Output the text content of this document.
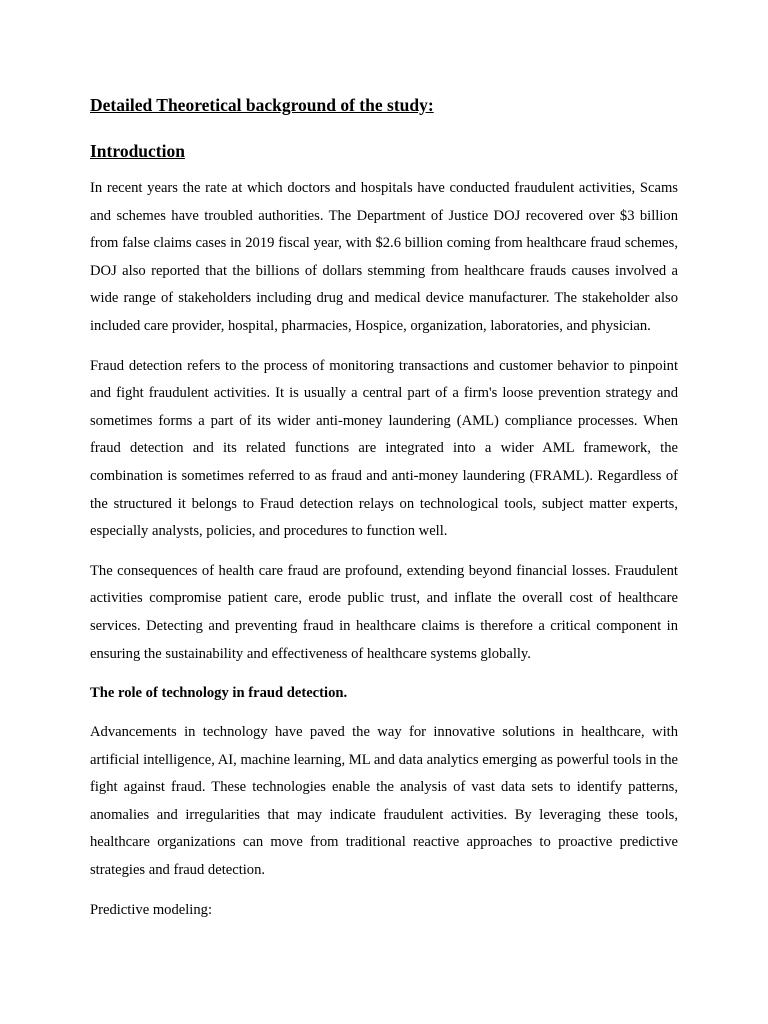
Detailed Theoretical background of the study:
Introduction

In recent years the rate at which doctors and hospitals have conducted fraudulent activities, Scams and schemes have troubled authorities. The Department of Justice DOJ recovered over $3 billion from false claims cases in 2019 fiscal year, with $2.6 billion coming from healthcare fraud schemes, DOJ also reported that the billions of dollars stemming from healthcare frauds causes involved a wide range of stakeholders including drug and medical device manufacturer. The stakeholder also included care provider, hospital, pharmacies, Hospice, organization, laboratories, and physician.

Fraud detection refers to the process of monitoring transactions and customer behavior to pinpoint and fight fraudulent activities. It is usually a central part of a firm's loose prevention strategy and sometimes forms a part of its wider anti-money laundering (AML) compliance processes. When fraud detection and its related functions are integrated into a wider AML framework, the combination is sometimes referred to as fraud and anti-money laundering (FRAML). Regardless of the structured it belongs to Fraud detection relays on technological tools, subject matter experts, especially analysts, policies, and procedures to function well.

The consequences of health care fraud are profound, extending beyond financial losses. Fraudulent activities compromise patient care, erode public trust, and inflate the overall cost of healthcare services. Detecting and preventing fraud in healthcare claims is therefore a critical component in ensuring the sustainability and effectiveness of healthcare systems globally.

The role of technology in fraud detection.

Advancements in technology have paved the way for innovative solutions in healthcare, with artificial intelligence, AI, machine learning, ML and data analytics emerging as powerful tools in the fight against fraud. These technologies enable the analysis of vast data sets to identify patterns, anomalies and irregularities that may indicate fraudulent activities. By leveraging these tools, healthcare organizations can move from traditional reactive approaches to proactive predictive strategies and fraud detection.

Predictive modeling:
